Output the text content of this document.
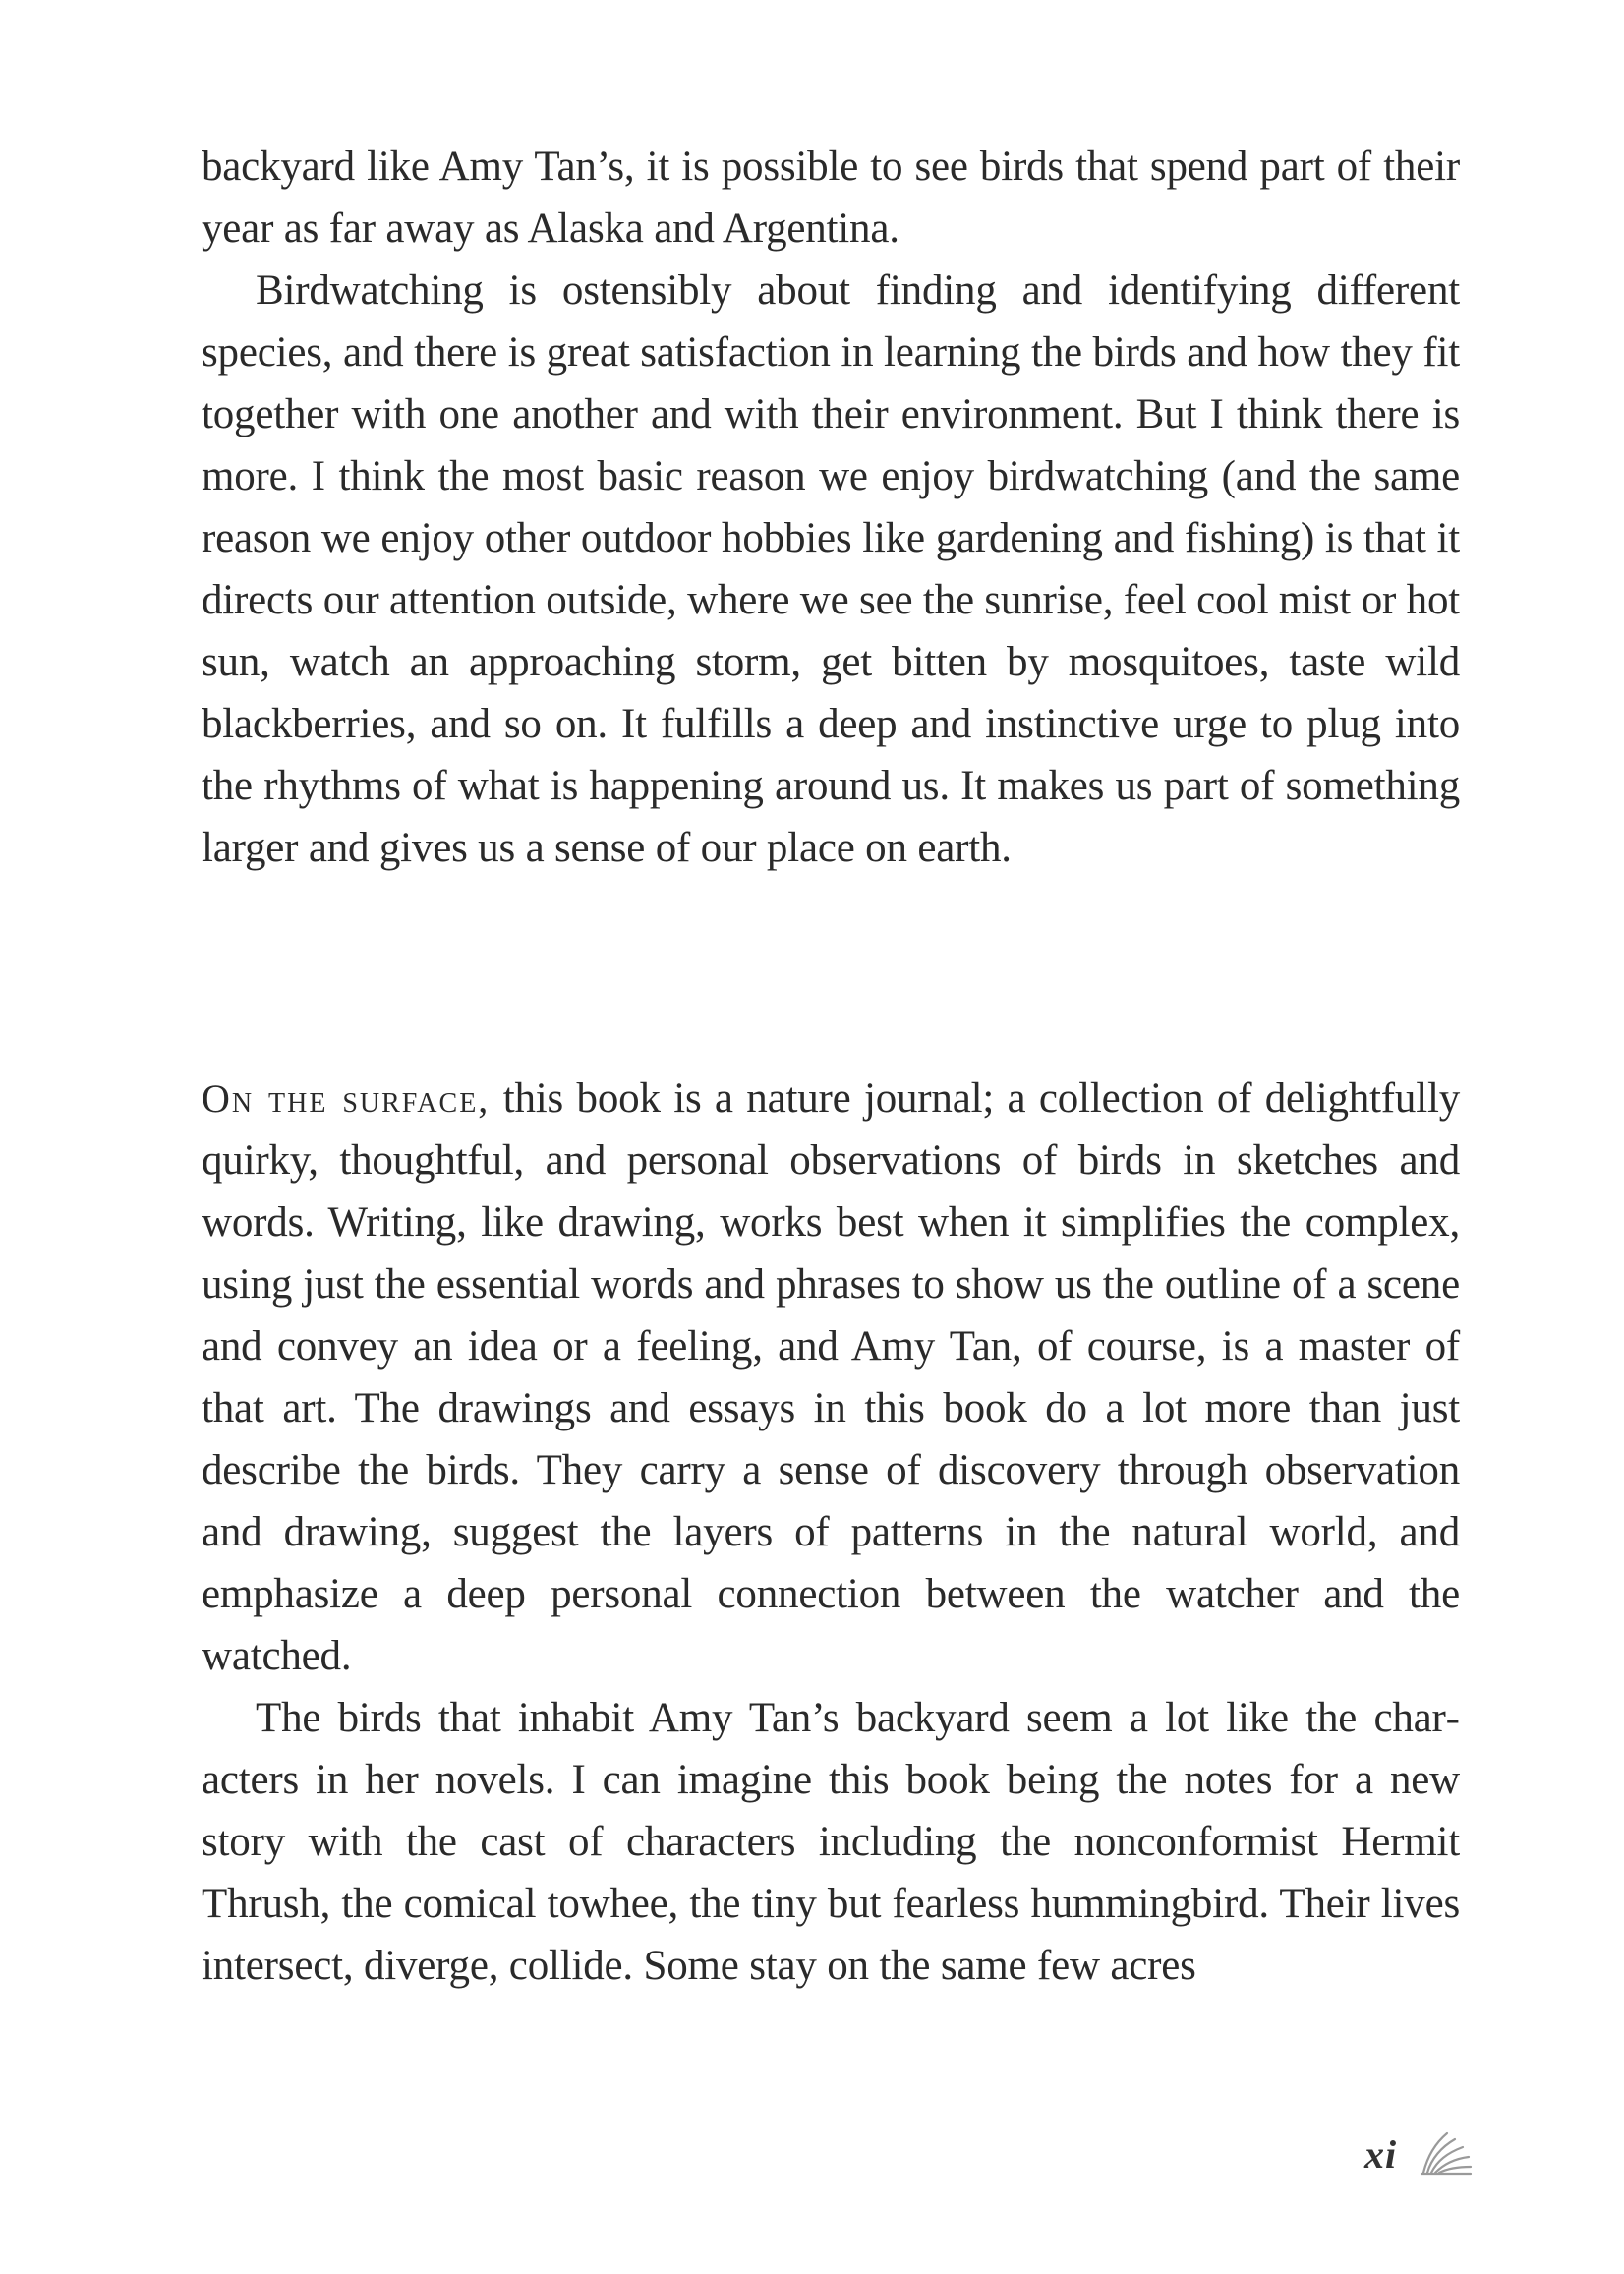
backyard like Amy Tan’s, it is possible to see birds that spend part of their year as far away as Alaska and Argentina.

Birdwatching is ostensibly about finding and identifying different species, and there is great satisfaction in learning the birds and how they fit together with one another and with their environment. But I think there is more. I think the most basic reason we enjoy birdwatching (and the same reason we enjoy other outdoor hobbies like gardening and fishing) is that it directs our attention outside, where we see the sunrise, feel cool mist or hot sun, watch an approaching storm, get bitten by mosquitoes, taste wild blackberries, and so on. It fulfills a deep and instinctive urge to plug into the rhythms of what is happening around us. It makes us part of something larger and gives us a sense of our place on earth.

On the surface, this book is a nature journal; a collection of delightfully quirky, thoughtful, and personal observations of birds in sketches and words. Writing, like drawing, works best when it simplifies the complex, using just the essential words and phrases to show us the outline of a scene and convey an idea or a feeling, and Amy Tan, of course, is a master of that art. The drawings and essays in this book do a lot more than just describe the birds. They carry a sense of discovery through observation and drawing, suggest the layers of patterns in the natural world, and emphasize a deep personal connection between the watcher and the watched.

The birds that inhabit Amy Tan’s backyard seem a lot like the characters in her novels. I can imagine this book being the notes for a new story with the cast of characters including the nonconformist Hermit Thrush, the comical towhee, the tiny but fearless hummingbird. Their lives intersect, diverge, collide. Some stay on the same few acres

xi
